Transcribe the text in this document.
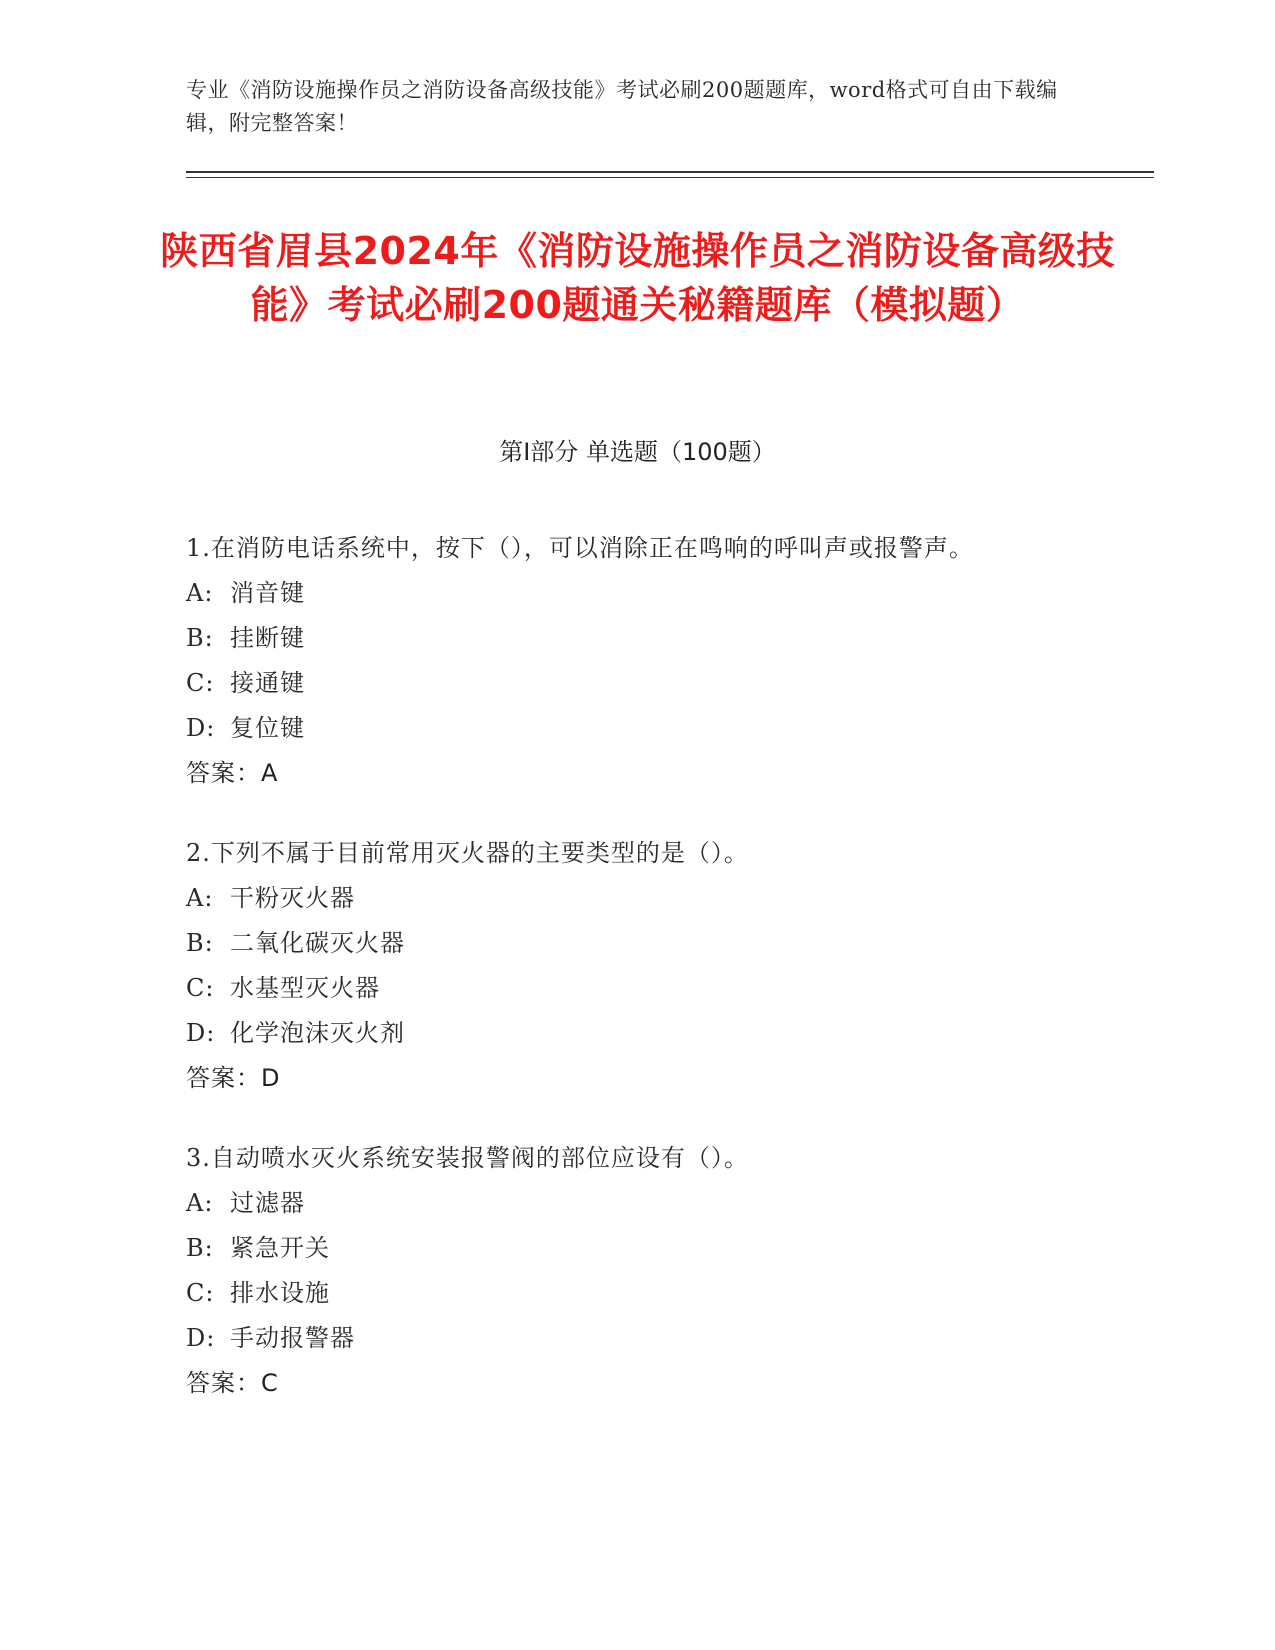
专业《消防设施操作员之消防设备高级技能》考试必刷200题题库，word格式可自由下载编辑，附完整答案！
陕西省眉县2024年《消防设施操作员之消防设备高级技能》考试必刷200题通关秘籍题库（模拟题）
第I部分 单选题（100题）
1.在消防电话系统中，按下（），可以消除正在鸣响的呼叫声或报警声。
A: 消音键
B: 挂断键
C: 接通键
D: 复位键
答案：A
2.下列不属于目前常用灭火器的主要类型的是（）。
A: 干粉灭火器
B: 二氧化碳灭火器
C: 水基型灭火器
D: 化学泡沫灭火剂
答案：D
3.自动喷水灭火系统安装报警阀的部位应设有（）。
A: 过滤器
B: 紧急开关
C: 排水设施
D: 手动报警器
答案：C
